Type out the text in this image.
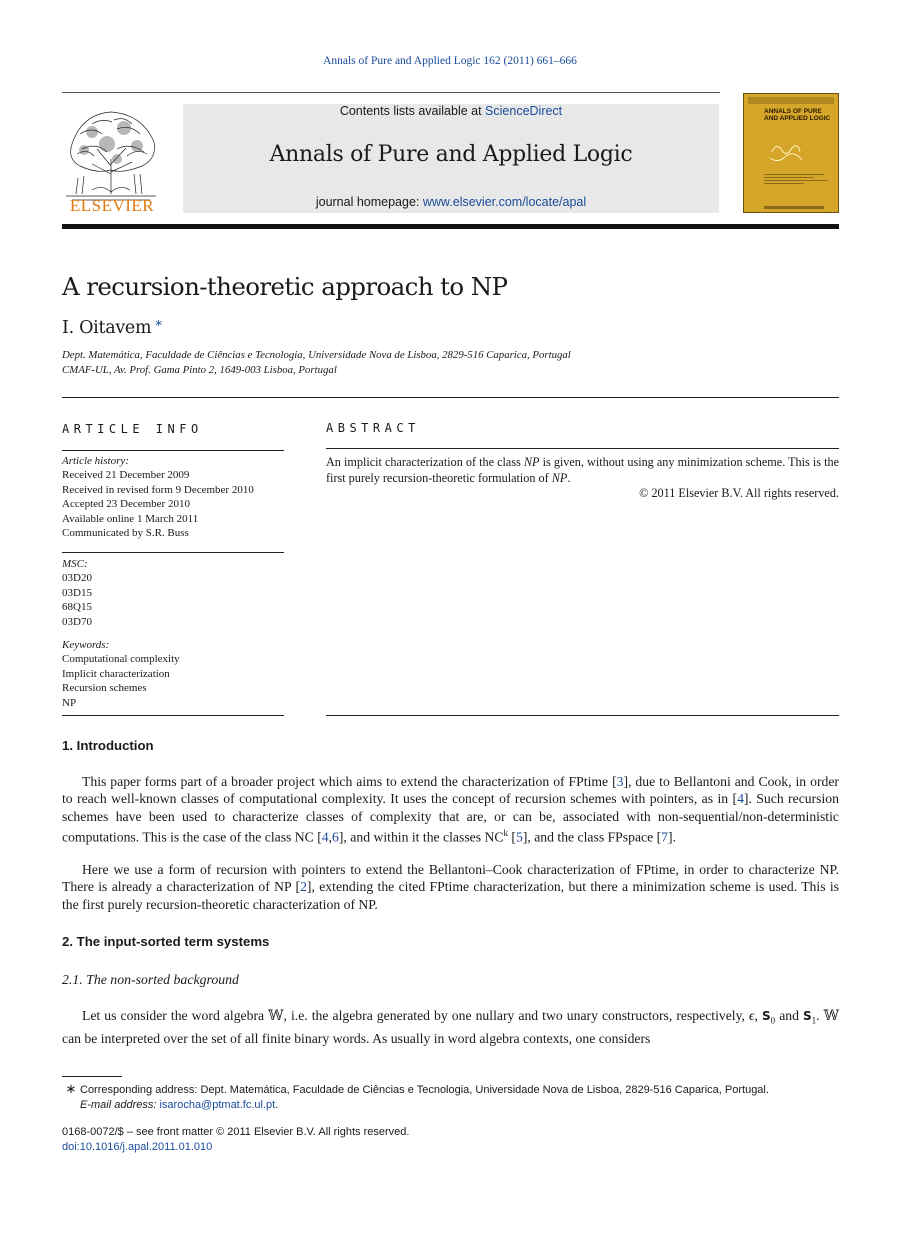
Annals of Pure and Applied Logic 162 (2011) 661–666
ELSEVIER
Contents lists available at ScienceDirect
Annals of Pure and Applied Logic
journal homepage: www.elsevier.com/locate/apal
ANNALS OF PURE AND APPLIED LOGIC
A recursion-theoretic approach to NP
I. Oitavem ∗
Dept. Matemática, Faculdade de Ciências e Tecnologia, Universidade Nova de Lisboa, 2829-516 Caparica, Portugal
CMAF-UL, Av. Prof. Gama Pinto 2, 1649-003 Lisboa, Portugal
ARTICLE INFO
Article history:
Received 21 December 2009
Received in revised form 9 December 2010
Accepted 23 December 2010
Available online 1 March 2011
Communicated by S.R. Buss
MSC:
03D20
03D15
68Q15
03D70
Keywords:
Computational complexity
Implicit characterization
Recursion schemes
NP
ABSTRACT
An implicit characterization of the class NP is given, without using any minimization scheme. This is the first purely recursion-theoretic formulation of NP.
© 2011 Elsevier B.V. All rights reserved.
1. Introduction
This paper forms part of a broader project which aims to extend the characterization of FPtime [3], due to Bellantoni and Cook, in order to reach well-known classes of computational complexity. It uses the concept of recursion schemes with pointers, as in [4]. Such recursion schemes have been used to characterize classes of complexity that are, or can be, associated with non-sequential/non-deterministic computations. This is the case of the class NC [4,6], and within it the classes $NC^k$ [5], and the class FPspace [7].
Here we use a form of recursion with pointers to extend the Bellantoni–Cook characterization of FPtime, in order to characterize NP. There is already a characterization of NP [2], extending the cited FPtime characterization, but there a minimization scheme is used. This is the first purely recursion-theoretic characterization of NP.
2. The input-sorted term systems
2.1. The non-sorted background
Let us consider the word algebra 𝕎, i.e. the algebra generated by one nullary and two unary constructors, respectively, ϵ, $S_0$ and $S_1$. 𝕎 can be interpreted over the set of all finite binary words. As usually in word algebra contexts, one considers
∗ Corresponding address: Dept. Matemática, Faculdade de Ciências e Tecnologia, Universidade Nova de Lisboa, 2829-516 Caparica, Portugal.
E-mail address: isarocha@ptmat.fc.ul.pt.
0168-0072/$ – see front matter © 2011 Elsevier B.V. All rights reserved.
doi:10.1016/j.apal.2011.01.010
